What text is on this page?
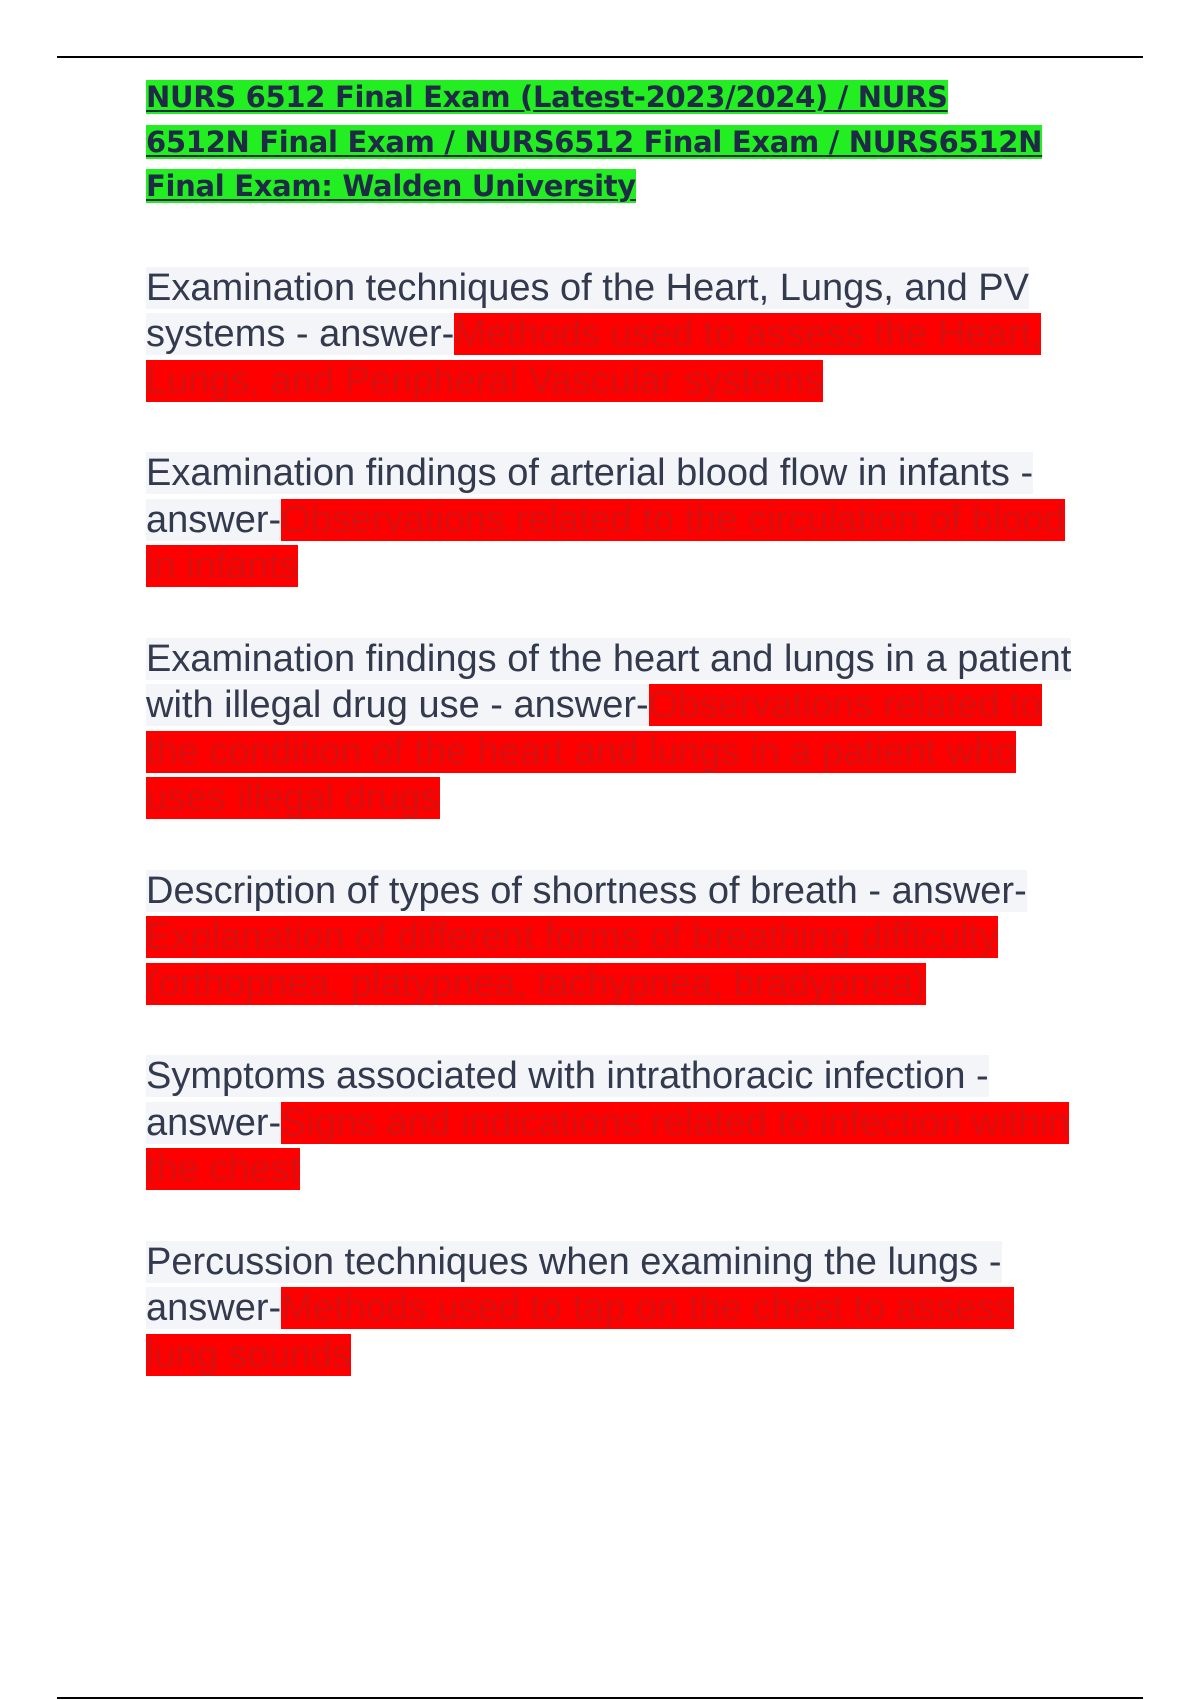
NURS 6512 Final Exam (Latest-2023/2024) / NURS 6512N Final Exam / NURS6512 Final Exam / NURS6512N Final Exam: Walden University

Examination techniques of the Heart, Lungs, and PV systems - answer-Methods used to assess the Heart, Lungs, and Peripheral Vascular systems

Examination findings of arterial blood flow in infants - answer-Observations related to the circulation of blood in infants

Examination findings of the heart and lungs in a patient with illegal drug use - answer-Observations related to the condition of the heart and lungs in a patient who uses illegal drugs

Description of types of shortness of breath - answer-Explanation of different forms of breathing difficulty (orthopnea, platypnea, tachypnea, bradypnea)

Symptoms associated with intrathoracic infection - answer-Signs and indications related to infection within the chest

Percussion techniques when examining the lungs - answer-Methods used to tap on the chest to assess lung sounds
